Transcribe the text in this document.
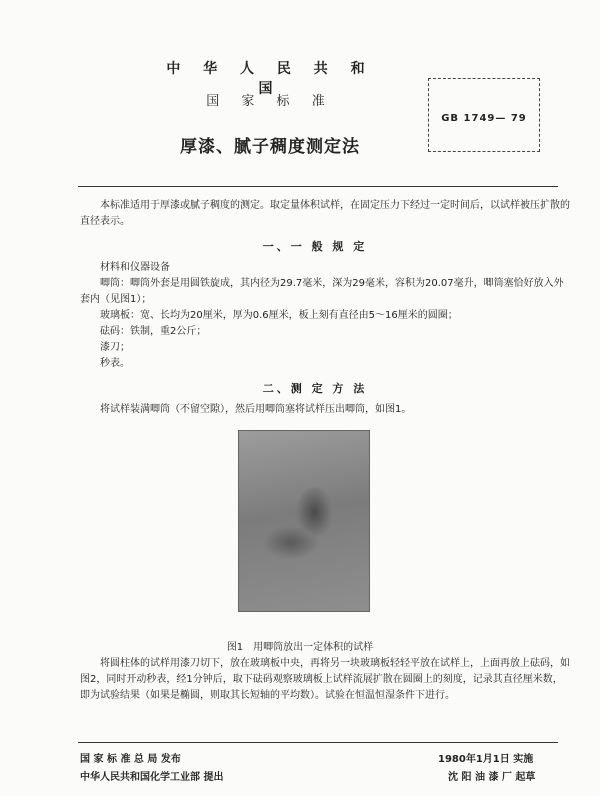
中 华 人 民 共 和 国
国 家 标 准
厚漆、腻子稠度测定法
GB 1749— 79
本标准适用于厚漆或腻子稠度的测定。取定量体积试样，在固定压力下经过一定时间后，以试样被压扩散的直径表示。
一、一 般 规 定
材料和仪器设备
唧筒：唧筒外套是用圆铁旋成，其内径为29.7毫米，深为29毫米，容积为20.07毫升，唧筒塞恰好放入外套内（见图1）；
玻璃板：宽、长均为20厘米，厚为0.6厘米，板上刻有直径由5～16厘米的圆圈；
砝码：铁制，重2公斤；
漆刀；
秒表。
二、测 定 方 法
将试样装满唧筒（不留空隙），然后用唧筒塞将试样压出唧筒，如图1。
图1　用唧筒放出一定体积的试样
将圆柱体的试样用漆刀切下，放在玻璃板中央，再将另一块玻璃板轻轻平放在试样上，上面再放上砝码，如图2，同时开动秒表，经1分钟后，取下砝码观察玻璃板上试样流展扩散在圆圈上的刻度，记录其直径厘米数，即为试验结果（如果是椭圆，则取其长短轴的平均数）。试验在恒温恒湿条件下进行。
国 家 标 准 总 局 发布	1980年1月1日 实施
中华人民共和国化学工业部 提出	沈 阳 油 漆 厂 起草
